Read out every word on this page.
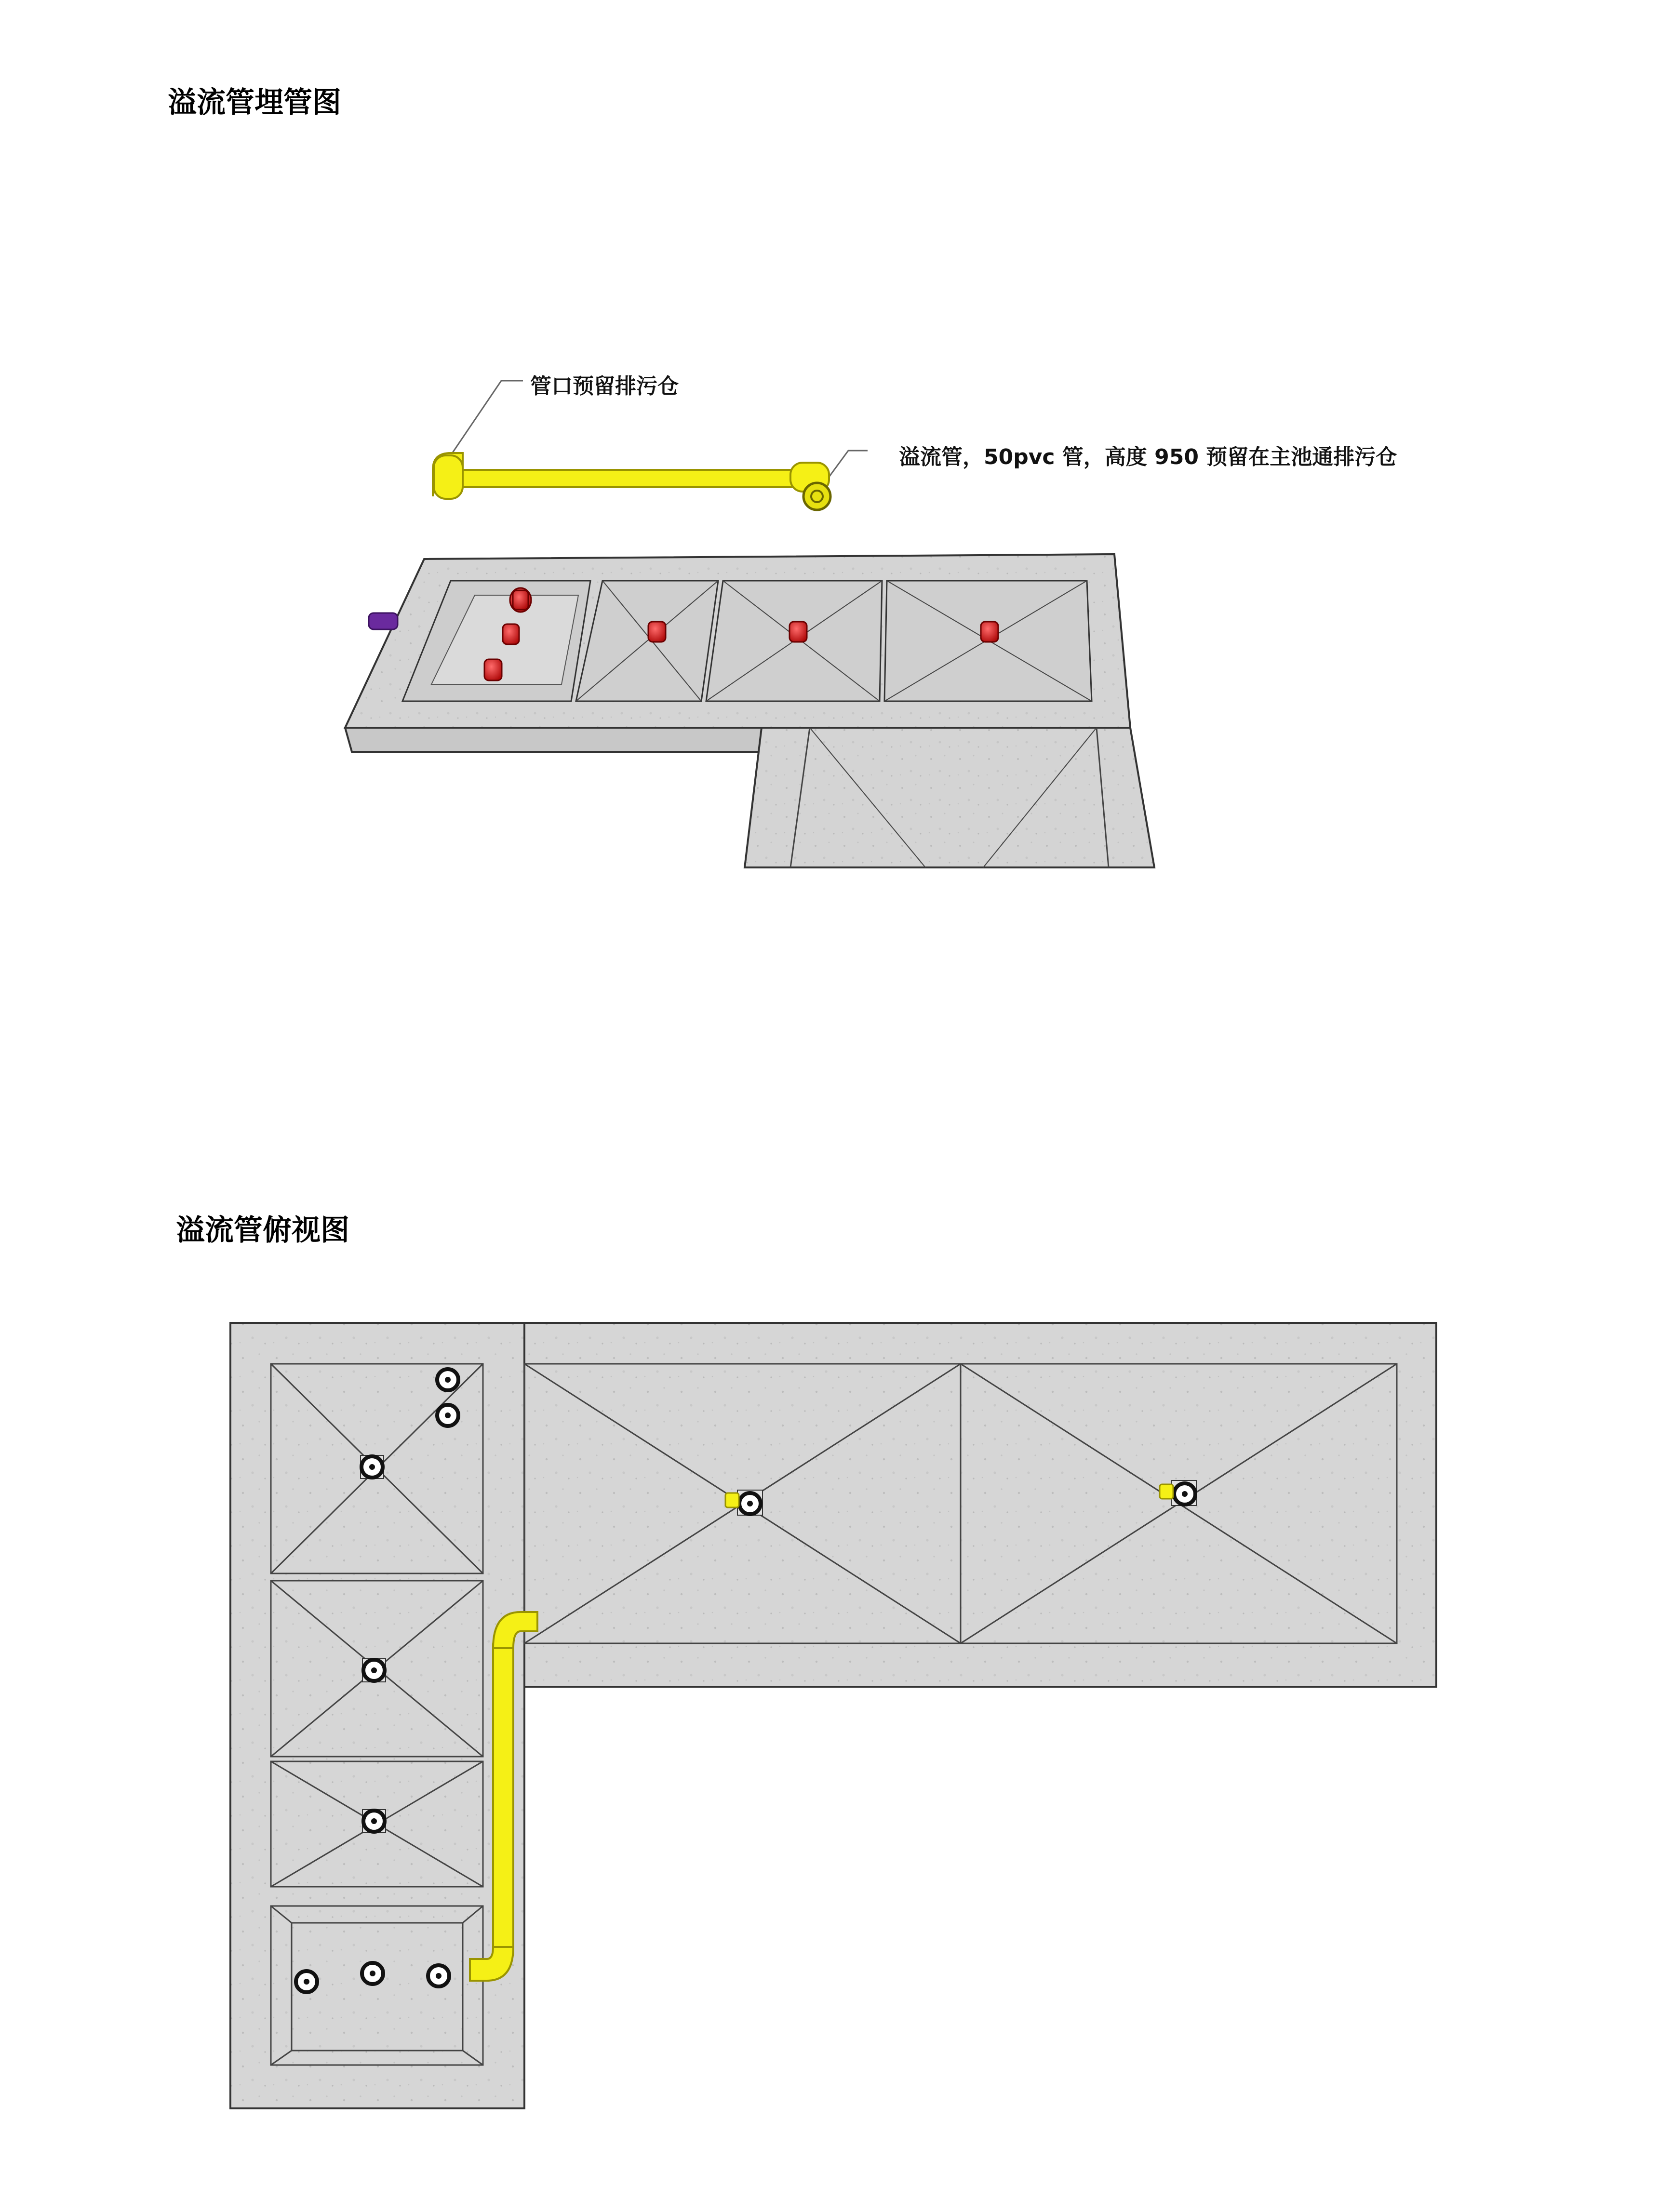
溢流管埋管图
管口预留排污仓
溢流管，50pvc 管，高度 950 预留在主池通排污仓
溢流管俯视图
